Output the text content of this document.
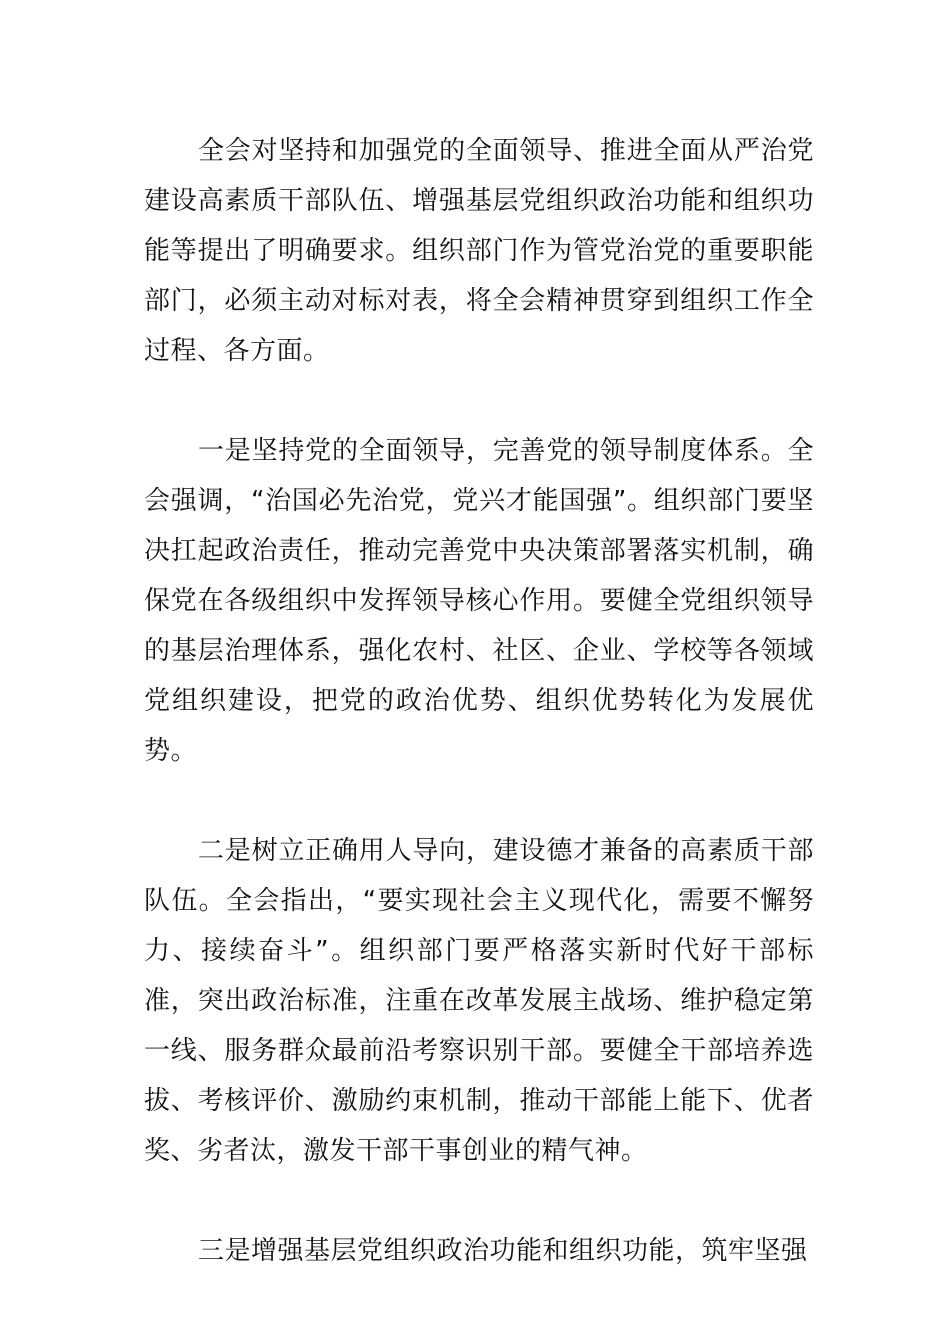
全会对坚持和加强党的全面领导、推进全面从严治党建设高素质干部队伍、增强基层党组织政治功能和组织功能等提出了明确要求。组织部门作为管党治党的重要职能部门，必须主动对标对表，将全会精神贯穿到组织工作全过程、各方面。

一是坚持党的全面领导，完善党的领导制度体系。全会强调，“治国必先治党，党兴才能国强”。组织部门要坚决扛起政治责任，推动完善党中央决策部署落实机制，确保党在各级组织中发挥领导核心作用。要健全党组织领导的基层治理体系，强化农村、社区、企业、学校等各领域党组织建设，把党的政治优势、组织优势转化为发展优势。

二是树立正确用人导向，建设德才兼备的高素质干部队伍。全会指出，“要实现社会主义现代化，需要不懈努力、接续奋斗”。组织部门要严格落实新时代好干部标准，突出政治标准，注重在改革发展主战场、维护稳定第一线、服务群众最前沿考察识别干部。要健全干部培养选拔、考核评价、激励约束机制，推动干部能上能下、优者奖、劣者汰，激发干部干事创业的精气神。

三是增强基层党组织政治功能和组织功能，筑牢坚强
